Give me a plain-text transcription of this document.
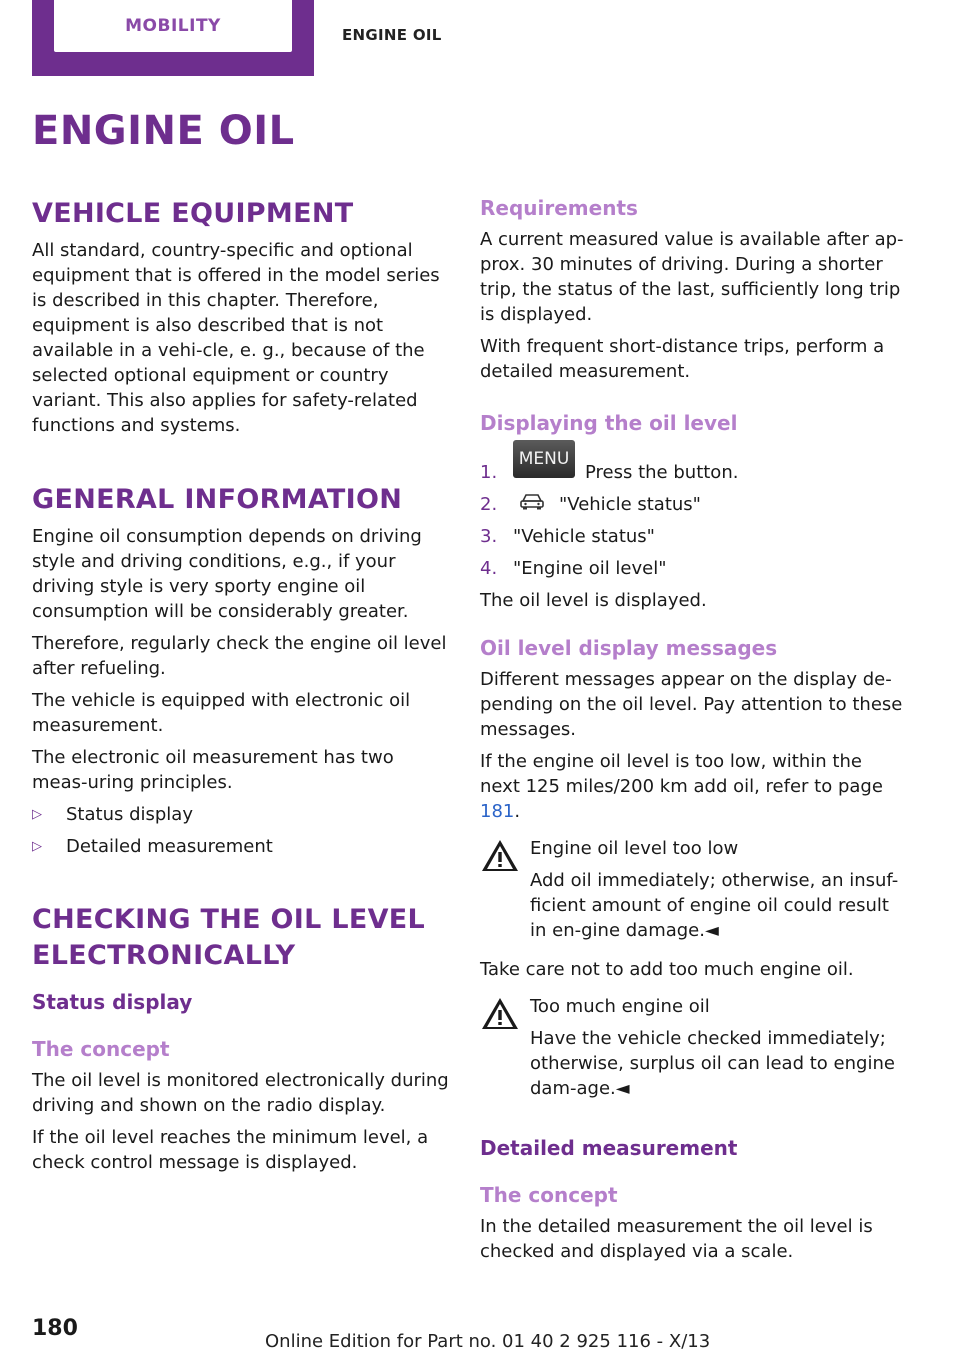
MOBILITY	ENGINE OIL
ENGINE OIL
VEHICLE EQUIPMENT

All standard, country-specific and optional equipment that is offered in the model series is described in this chapter. Therefore, equipment is also described that is not available in a vehi-cle, e. g., because of the selected optional equipment or country variant. This also applies for safety-related functions and systems.

GENERAL INFORMATION

Engine oil consumption depends on driving style and driving conditions, e.g., if your driving style is very sporty engine oil consumption will be considerably greater.

Therefore, regularly check the engine oil level after refueling.

The vehicle is equipped with electronic oil measurement.

The electronic oil measurement has two meas-uring principles.

▷	Status display
▷	Detailed measurement
CHECKING THE OIL LEVEL ELECTRONICALLY
Status display
The concept

The oil level is monitored electronically during driving and shown on the radio display.

If the oil level reaches the minimum level, a check control message is displayed.

Requirements

A current measured value is available after ap-prox. 30 minutes of driving. During a shorter trip, the status of the last, sufficiently long trip is displayed.

With frequent short-distance trips, perform a detailed measurement.

Displaying the oil level
1.
MENU
Press the button.
2.	"Vehicle status"
3. "Vehicle status"
4. "Engine oil level"

The oil level is displayed.

Oil level display messages

Different messages appear on the display de-pending on the oil level. Pay attention to these messages.

If the engine oil level is too low, within the next 125 miles/200 km add oil, refer to page 181.

Engine oil level too low
Add oil immediately; otherwise, an insuf-ficient amount of engine oil could result in en-gine damage.◄

Take care not to add too much engine oil.

Too much engine oil
Have the vehicle checked immediately; otherwise, surplus oil can lead to engine dam-age.◄
Detailed measurement
The concept

In the detailed measurement the oil level is checked and displayed via a scale.

180
Online Edition for Part no. 01 40 2 925 116 - X/13
